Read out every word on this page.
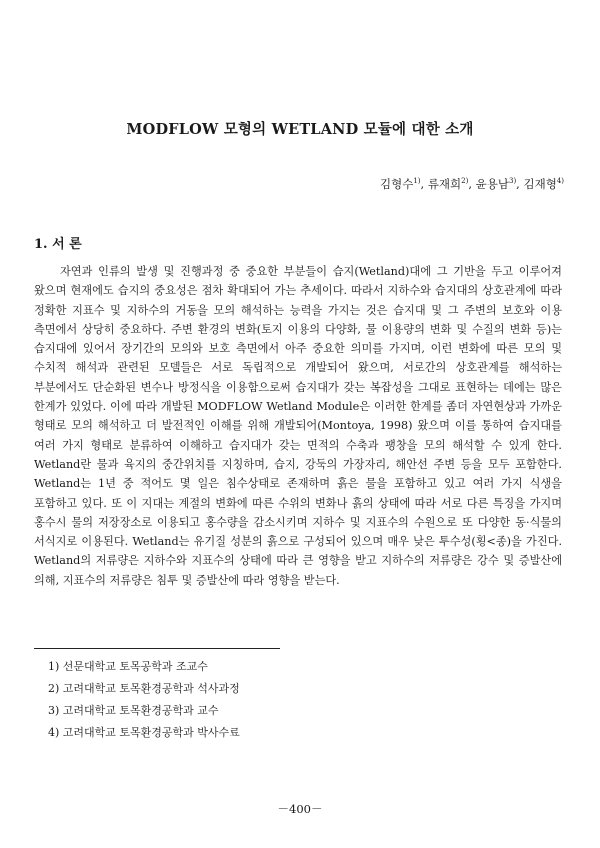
MODFLOW 모형의 WETLAND 모듈에 대한 소개
김형수$^{1)}$, 류재희$^{2)}$, 윤용남$^{3)}$, 김재형$^{4)}$
1. 서 론

자연과 인류의 발생 및 진행과정 중 중요한 부분들이 습지(Wetland)대에 그 기반을 두고 이루어져 왔으며 현재에도 습지의 중요성은 점차 확대되어 가는 추세이다. 따라서 지하수와 습지대의 상호관계에 따라 정확한 지표수 및 지하수의 거동을 모의 해석하는 능력을 가지는 것은 습지대 및 그 주변의 보호와 이용 측면에서 상당히 중요하다. 주변 환경의 변화(토지 이용의 다양화, 물 이용량의 변화 및 수질의 변화 등)는 습지대에 있어서 장기간의 모의와 보호 측면에서 아주 중요한 의미를 가지며, 이런 변화에 따른 모의 및 수치적 해석과 관련된 모델들은 서로 독립적으로 개발되어 왔으며, 서로간의 상호관계를 해석하는 부분에서도 단순화된 변수나 방정식을 이용함으로써 습지대가 갖는 복잡성을 그대로 표현하는 데에는 많은 한계가 있었다. 이에 따라 개발된 MODFLOW Wetland Module은 이러한 한계를 좀더 자연현상과 가까운 형태로 모의 해석하고 더 발전적인 이해를 위해 개발되어(Montoya, 1998) 왔으며 이를 통하여 습지대를 여러 가지 형태로 분류하여 이해하고 습지대가 갖는 면적의 수축과 팽창을 모의 해석할 수 있게 한다. Wetland란 물과 육지의 중간위치를 지칭하며, 습지, 강둑의 가장자리, 해안선 주변 등을 모두 포함한다. Wetland는 1년 중 적어도 몇 일은 침수상태로 존재하며 흙은 물을 포함하고 있고 여러 가지 식생을 포함하고 있다. 또 이 지대는 계절의 변화에 따른 수위의 변화나 흙의 상태에 따라 서로 다른 특징을 가지며 홍수시 물의 저장장소로 이용되고 홍수량을 감소시키며 지하수 및 지표수의 수원으로 또 다양한 동·식물의 서식지로 이용된다. Wetland는 유기질 성분의 흙으로 구성되어 있으며 매우 낮은 투수성(횡<종)을 가진다. Wetland의 저류량은 지하수와 지표수의 상태에 따라 큰 영향을 받고 지하수의 저류량은 강수 및 증발산에 의해, 지표수의 저류량은 침투 및 증발산에 따라 영향을 받는다.

1) 선문대학교 토목공학과 조교수
2) 고려대학교 토목환경공학과 석사과정
3) 고려대학교 토목환경공학과 교수
4) 고려대학교 토목환경공학과 박사수료
－400－
